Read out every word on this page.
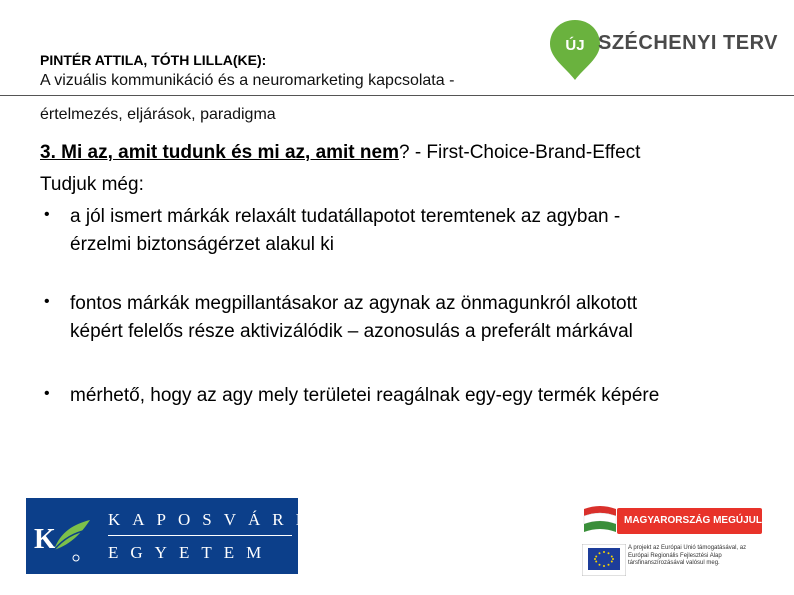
PINTÉR ATTILA, TÓTH LILLA(KE):
A vizuális kommunikáció és a neuromarketing kapcsolata -
értelmezés, eljárások, paradigma
ÚJ SZÉCHENYI TERV
3. Mi az, amit tudunk és mi az, amit nem? - First-Choice-Brand-Effect
Tudjuk még:
• a jól ismert márkák relaxált tudatállapotot teremtenek az agyban -
érzelmi biztonságérzet alakul ki
• fontos márkák megpillantásakor az agynak az önmagunkról alkotott
képért felelős része aktivizálódik – azonosulás a preferált márkával
• mérhető, hogy az agy mely területei reagálnak egy-egy termék képére
K
KAPOSVÁRI
EGYETEM
MAGYARORSZÁG MEGÚJUL
A projekt az Európai Unió támogatásával, az Európai Regionális Fejlesztési Alap társfinanszírozásával valósul meg.
